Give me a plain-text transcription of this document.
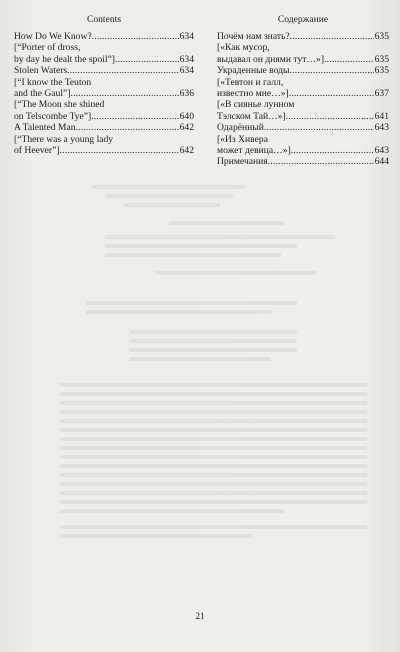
Contents
How Do We Know? .....	634
[“Porter of dross,
by day he dealt the spoil”] .....	634
Stolen Waters .....	634
[“I know the Teuton
and the Gaul”] .....	636
[“The Moon she shined
on Telscombe Tye”] .....	640
A Talented Man .....	642
[“There was a young lady
of Heever”] .....	642
Содержание
Почём нам знать? .....	635
[«Как мусор,
выдавал он днями тут…»] .....	635
Украденные воды .....	635
[«Тевтон и галл,
известно мне…»] .....	637
[«В сиянье лунном
Тэлском Тай…»] .....	641
Одарённый .....	643
[«Из Хивера
может девица…»] .....	643
Примечания .....	644
21
